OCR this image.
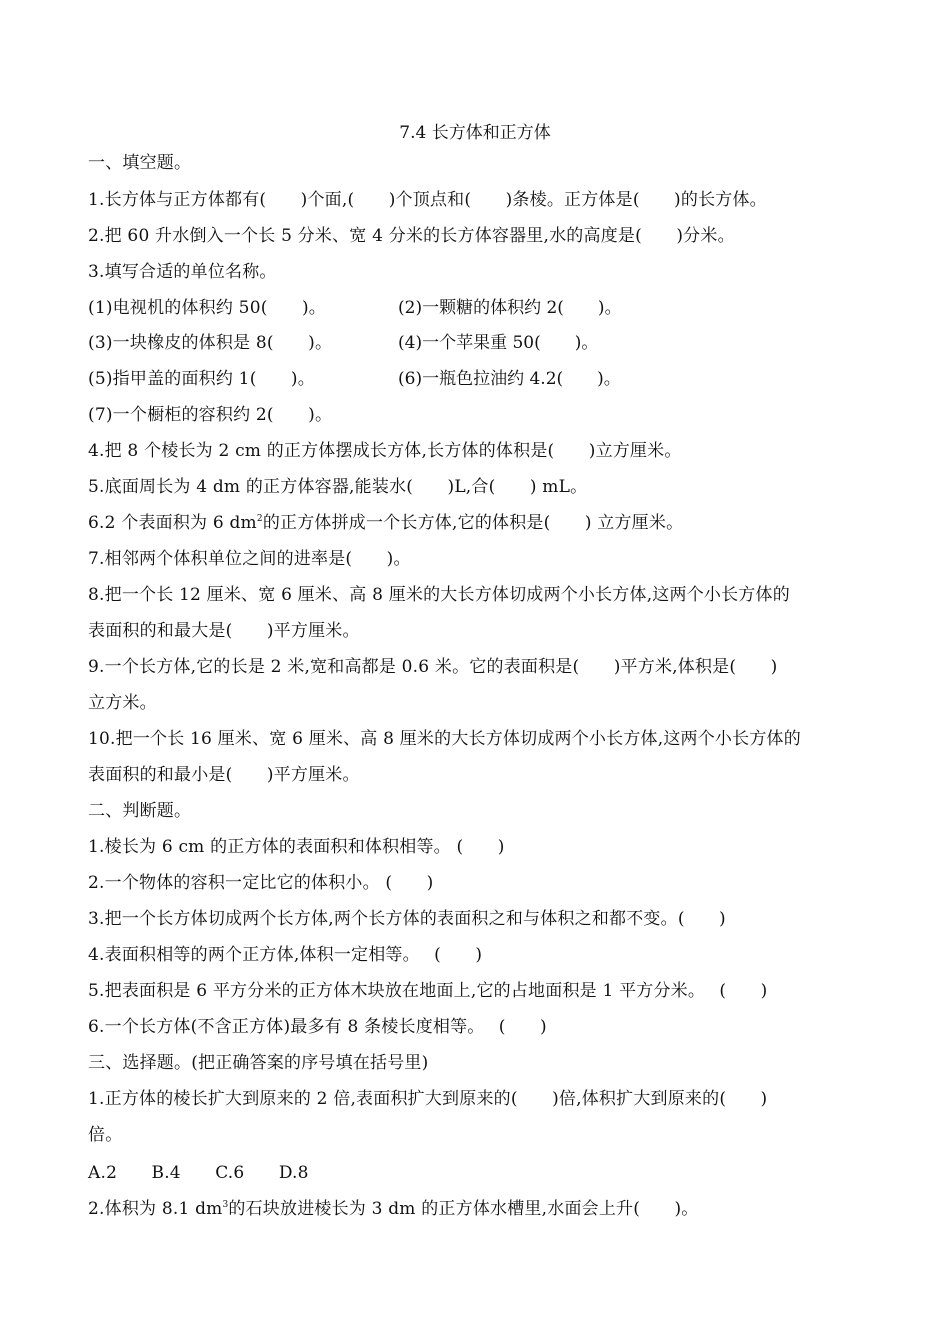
7.4 长方体和正方体
一、填空题。
1.长方体与正方体都有(　　)个面,(　　)个顶点和(　　)条棱。正方体是(　　)的长方体。
2.把 60 升水倒入一个长 5 分米、宽 4 分米的长方体容器里,水的高度是(　　)分米。
3.填写合适的单位名称。
(1)电视机的体积约 50(　　)。	(2)一颗糖的体积约 2(　　)。
(3)一块橡皮的体积是 8(　　)。	(4)一个苹果重 50(　　)。
(5)指甲盖的面积约 1(　　)。	(6)一瓶色拉油约 4.2(　　)。
(7)一个橱柜的容积约 2(　　)。
4.把 8 个棱长为 2 cm 的正方体摆成长方体,长方体的体积是(　　)立方厘米。
5.底面周长为 4 dm 的正方体容器,能装水(　　)L,合(　　) mL。
6.2 个表面积为 6 $dm^2$的正方体拼成一个长方体,它的体积是(　　) 立方厘米。
7.相邻两个体积单位之间的进率是(　　)。
8.把一个长 12 厘米、宽 6 厘米、高 8 厘米的大长方体切成两个小长方体,这两个小长方体的
表面积的和最大是(　　)平方厘米。
9.一个长方体,它的长是 2 米,宽和高都是 0.6 米。它的表面积是(　　)平方米,体积是(　　)
立方米。
10.把一个长 16 厘米、宽 6 厘米、高 8 厘米的大长方体切成两个小长方体,这两个小长方体的
表面积的和最小是(　　)平方厘米。
二、判断题。
1.棱长为 6 cm 的正方体的表面积和体积相等。 (　　)
2.一个物体的容积一定比它的体积小。 (　　)
3.把一个长方体切成两个长方体,两个长方体的表面积之和与体积之和都不变。(　　)
4.表面积相等的两个正方体,体积一定相等。　 (　　)
5.把表面积是 6 平方分米的正方体木块放在地面上,它的占地面积是 1 平方分米。　 (　　)
6.一个长方体(不含正方体)最多有 8 条棱长度相等。　 (　　)
三、选择题。(把正确答案的序号填在括号里)
1.正方体的棱长扩大到原来的 2 倍,表面积扩大到原来的(　　)倍,体积扩大到原来的(　　)
倍。
A.2　　B.4　　C.6　　D.8
2.体积为 8.1 $dm^3$的石块放进棱长为 3 dm 的正方体水槽里,水面会上升(　　)。
